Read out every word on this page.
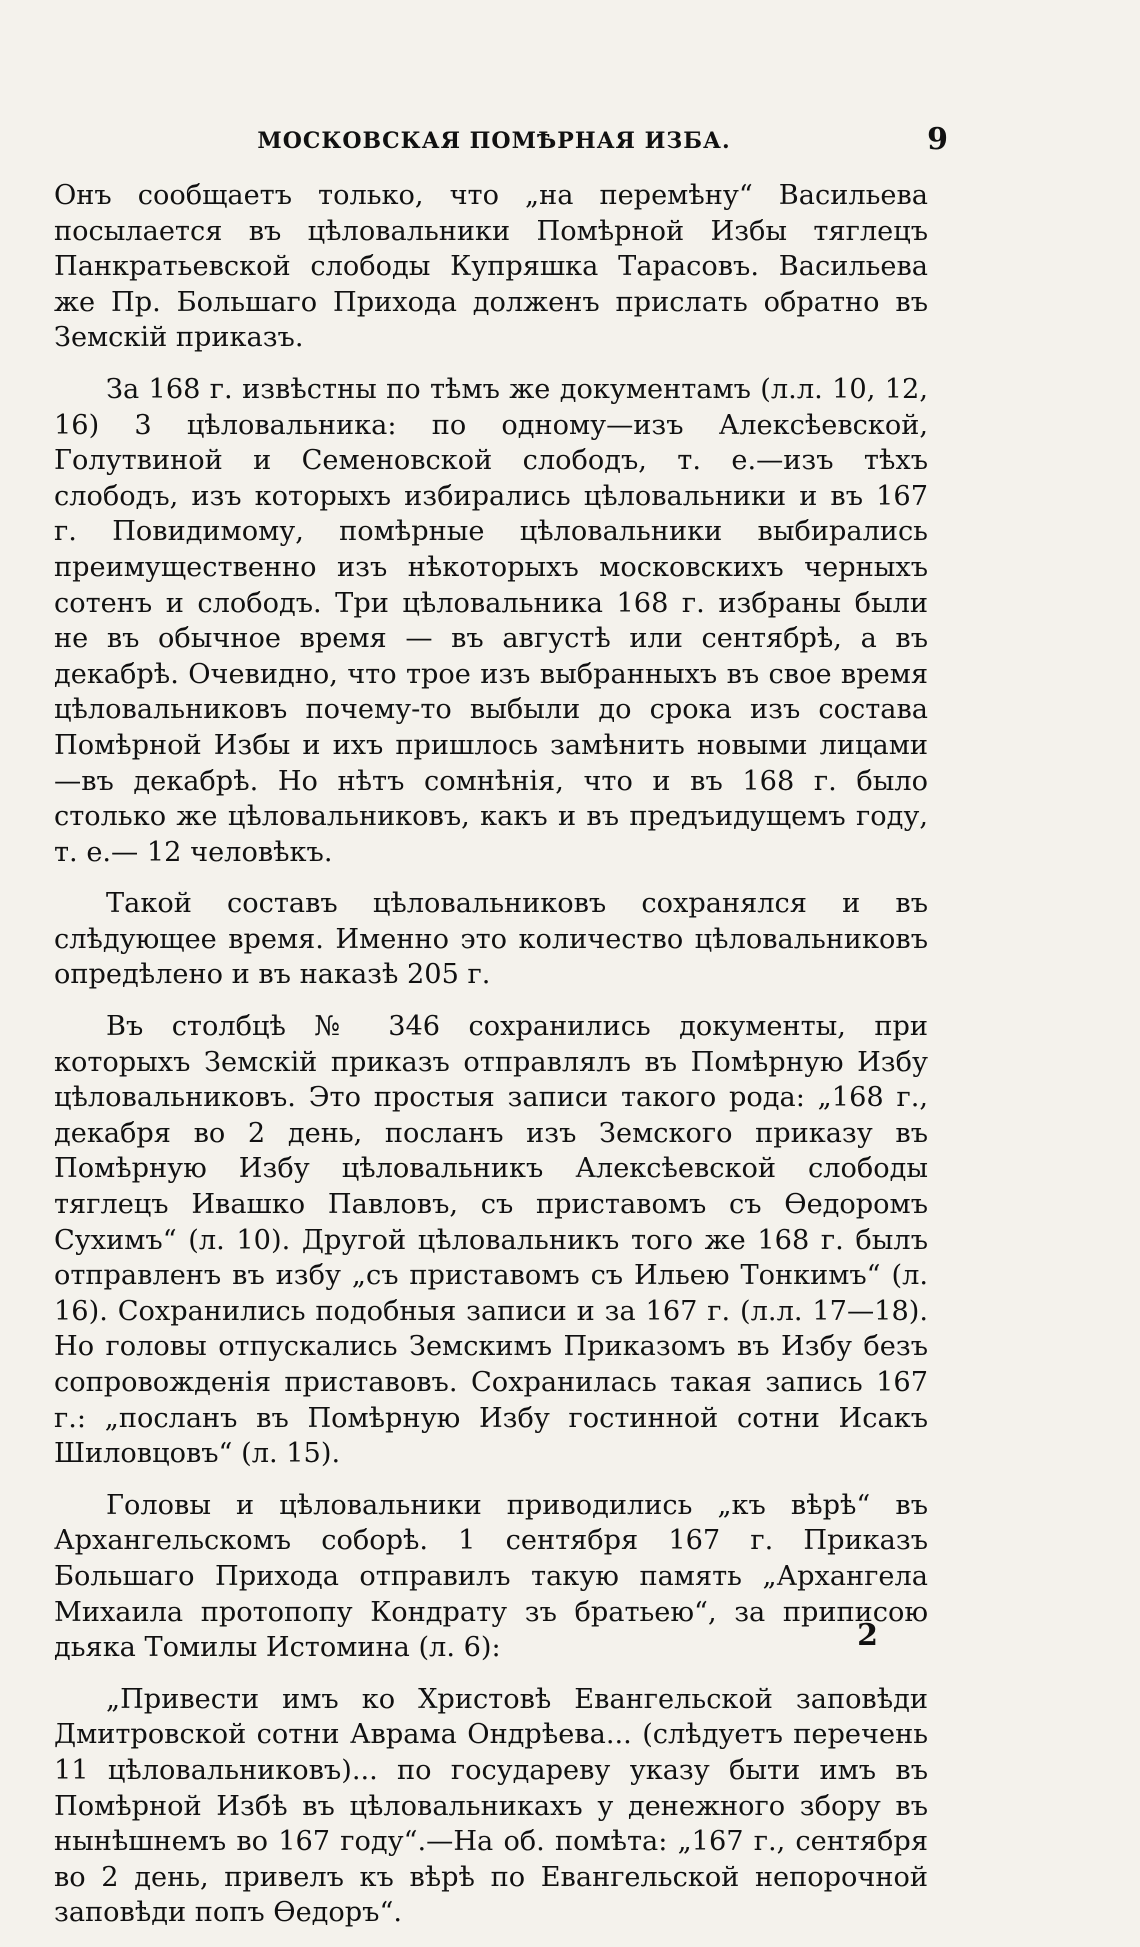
МОСКОВСКАЯ ПОМѢРНАЯ ИЗБА.	9

Онъ сообщаетъ только, что „на перемѣну“ Васильева посылается въ цѣловальники Помѣрной Избы тяглецъ Панкратьевской слободы Купряшка Тарасовъ. Васильева же Пр. Большаго Прихода долженъ прислать обратно въ Земскій приказъ.

За 168 г. извѣстны по тѣмъ же документамъ (л.л. 10, 12, 16) 3 цѣловальника: по одному—изъ Алексѣевской, Голутвиной и Семеновской слободъ, т. е.—изъ тѣхъ слободъ, изъ которыхъ избирались цѣловальники и въ 167 г. Повидимому, помѣрные цѣловальники выбирались преимущественно изъ нѣкоторыхъ московскихъ черныхъ сотенъ и слободъ. Три цѣловальника 168 г. избраны были не въ обычное время — въ августѣ или сентябрѣ, а въ декабрѣ. Очевидно, что трое изъ выбранныхъ въ свое время цѣловальниковъ почему-то выбыли до срока изъ состава Помѣрной Избы и ихъ пришлось замѣнить новыми лицами—въ декабрѣ. Но нѣтъ сомнѣнія, что и въ 168 г. было столько же цѣловальниковъ, какъ и въ предъидущемъ году, т. е.— 12 человѣкъ.

Такой составъ цѣловальниковъ сохранялся и въ слѣдующее время. Именно это количество цѣловальниковъ опредѣлено и въ наказѣ 205 г.

Въ столбцѣ № 346 сохранились документы, при которыхъ Земскій приказъ отправлялъ въ Помѣрную Избу цѣловальниковъ. Это простыя записи такого рода: „168 г., декабря во 2 день, посланъ изъ Земского приказу въ Помѣрную Избу цѣловальникъ Алексѣевской слободы тяглецъ Ивашко Павловъ, съ приставомъ съ Өедоромъ Сухимъ“ (л. 10). Другой цѣловальникъ того же 168 г. былъ отправленъ въ избу „съ приставомъ съ Ильею Тонкимъ“ (л. 16). Сохранились подобныя записи и за 167 г. (л.л. 17—18). Но головы отпускались Земскимъ Приказомъ въ Избу безъ сопровожденія приставовъ. Сохранилась такая запись 167 г.: „посланъ въ Помѣрную Избу гостинной сотни Исакъ Шиловцовъ“ (л. 15).

Головы и цѣловальники приводились „къ вѣрѣ“ въ Архангельскомъ соборѣ. 1 сентября 167 г. Приказъ Большаго Прихода отправилъ такую память „Архангела Михаила протопопу Кондрату зъ братьею“, за приписою дьяка Томилы Истомина (л. 6):

„Привести имъ ко Христовѣ Евангельской заповѣди Дмитровской сотни Аврама Ондрѣева... (слѣдуетъ перечень 11 цѣловальниковъ)... по государеву указу быти имъ въ Помѣрной Избѣ въ цѣловальникахъ у денежного збору въ нынѣшнемъ во 167 году“.—На об. помѣта: „167 г., сентября во 2 день, привелъ къ вѣрѣ по Евангельской непорочной заповѣди попъ Өедоръ“.

2
